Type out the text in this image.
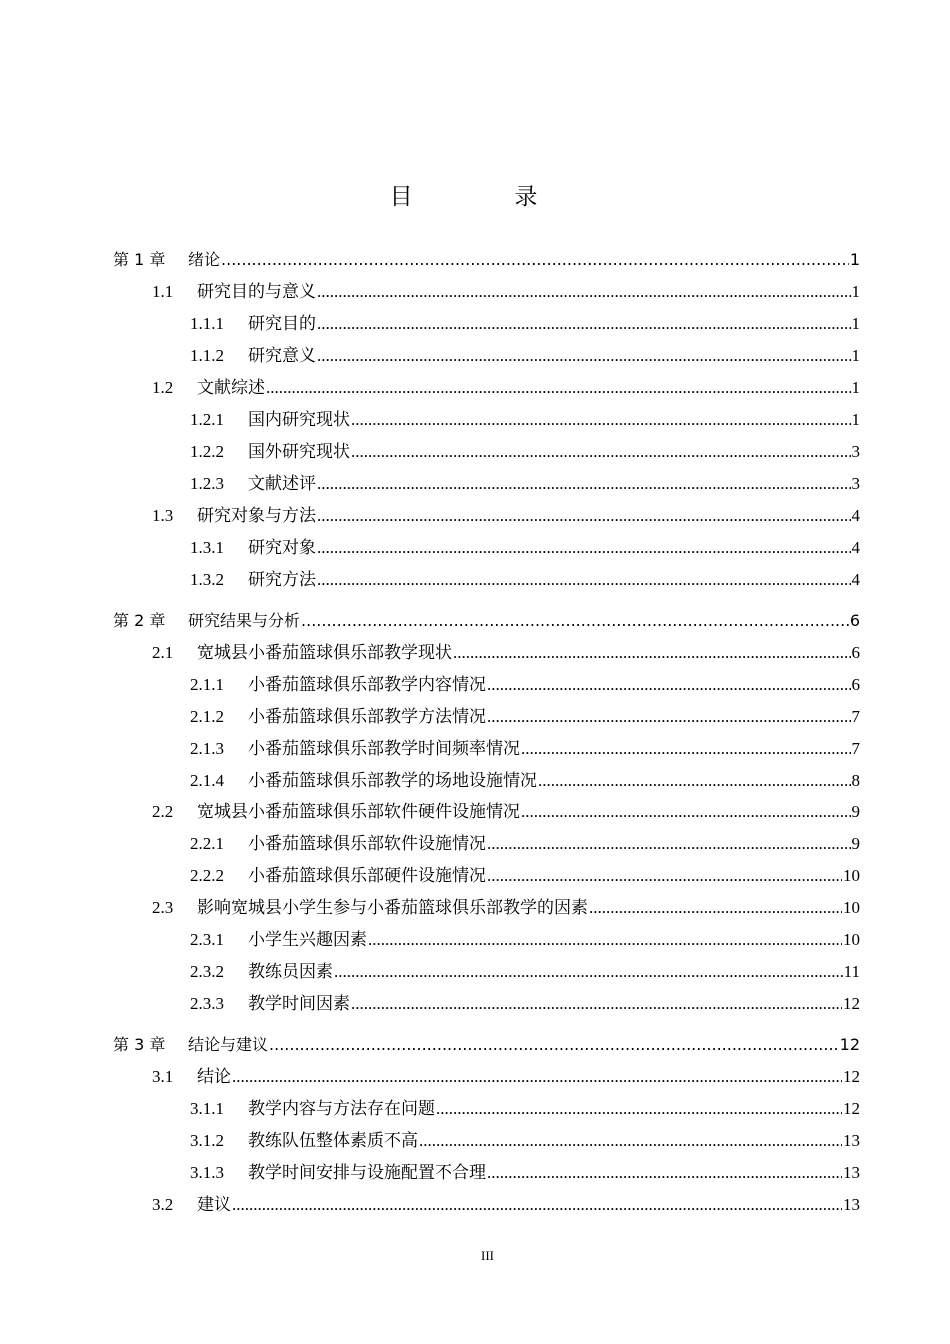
目 录
第 1 章	绪论 .....	1
1.1	研究目的与意义 .....	1
1.1.1	研究目的 .....	1
1.1.2	研究意义 .....	1
1.2	文献综述 .....	1
1.2.1	国内研究现状 .....	1
1.2.2	国外研究现状 .....	3
1.2.3	文献述评 .....	3
1.3	研究对象与方法 .....	4
1.3.1	研究对象 .....	4
1.3.2	研究方法 .....	4
第 2 章	研究结果与分析 .....	6
2.1	宽城县小番茄篮球俱乐部教学现状 .....	6
2.1.1	小番茄篮球俱乐部教学内容情况 .....	6
2.1.2	小番茄篮球俱乐部教学方法情况 .....	7
2.1.3	小番茄篮球俱乐部教学时间频率情况 .....	7
2.1.4	小番茄篮球俱乐部教学的场地设施情况 .....	8
2.2	宽城县小番茄篮球俱乐部软件硬件设施情况 .....	9
2.2.1	小番茄篮球俱乐部软件设施情况 .....	9
2.2.2	小番茄篮球俱乐部硬件设施情况 .....	10
2.3	影响宽城县小学生参与小番茄篮球俱乐部教学的因素 .....	10
2.3.1	小学生兴趣因素 .....	10
2.3.2	教练员因素 .....	11
2.3.3	教学时间因素 .....	12
第 3 章	结论与建议 .....	12
3.1	结论 .....	12
3.1.1	教学内容与方法存在问题 .....	12
3.1.2	教练队伍整体素质不高 .....	13
3.1.3	教学时间安排与设施配置不合理 .....	13
3.2	建议 .....	13
III
